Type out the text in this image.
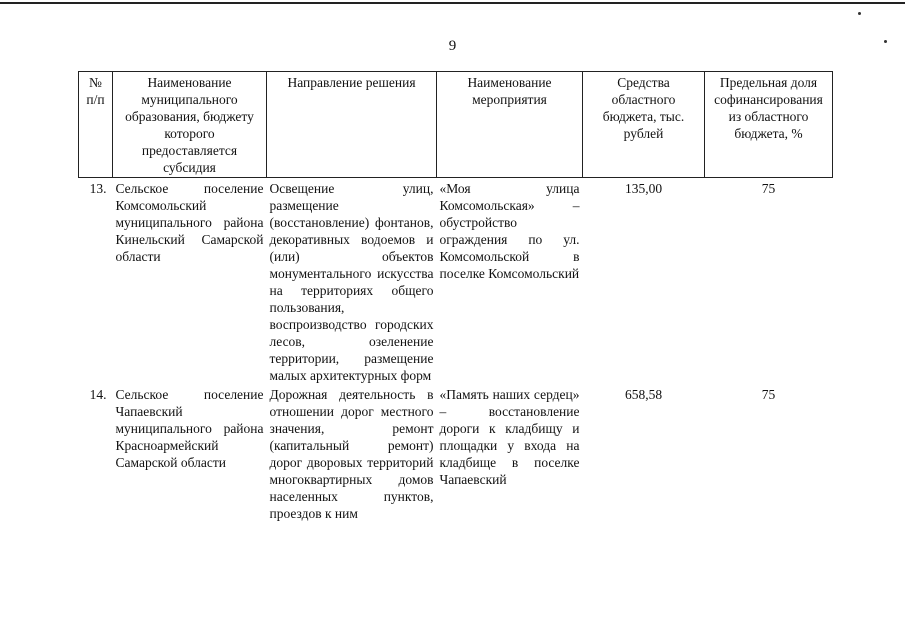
9
№ п/п	Наименование муниципального образования, бюджету которого предоставляется субсидия	Направление решения	Наименование мероприятия	Средства областного бюджета, тыс. рублей	Предельная доля софинансирования из областного бюджета, %
13.	Сельское поселение Комсомольский муниципального района Кинельский Самарской области	Освещение улиц, размещение (восстановление) фонтанов, декоративных водоемов и (или) объектов монументального искусства на территориях общего пользования, воспроизводство городских лесов, озеленение территории, размещение малых архитектурных форм	«Моя улица Комсомольская» – обустройство ограждения по ул. Комсомольской в поселке Комсомольский	135,00	75
14.	Сельское поселение Чапаевский муниципального района Красноармейский Самарской области	Дорожная деятельность в отношении дорог местного значения, ремонт (капитальный ремонт) дорог дворовых территорий многоквартирных домов населенных пунктов, проездов к ним	«Память наших сердец» – восстановление дороги к кладбищу и площадки у входа на кладбище в поселке Чапаевский	658,58	75
